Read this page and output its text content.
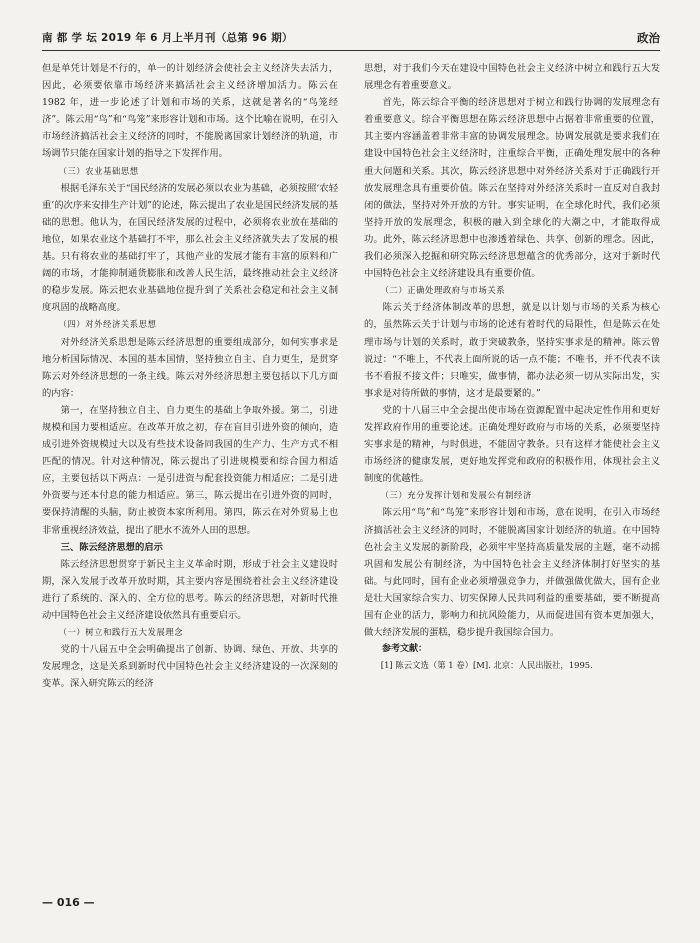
南 都 学 坛 2019 年 6 月上半月刊（总第 96 期）	政治

但是单凭计划是不行的，单一的计划经济会使社会主义经济失去活力，因此，必须要依靠市场经济来搞活社会主义经济增加活力。陈云在 1982 年，进一步论述了计划和市场的关系，这就是著名的“鸟笼经济”。陈云用“鸟”和“鸟笼”来形容计划和市场。这个比喻在说明，在引入市场经济搞活社会主义经济的同时，不能脱离国家计划经济的轨道，市场调节只能在国家计划的指导之下发挥作用。

（三）农业基础思想

根据毛泽东关于“国民经济的发展必须以农业为基础，必须按照‘农轻重’的次序来安排生产计划”的论述，陈云提出了农业是国民经济发展的基础的思想。他认为，在国民经济发展的过程中，必须将农业放在基础的地位，如果农业这个基础打不牢，那么社会主义经济就失去了发展的根基。只有将农业的基础打牢了，其他产业的发展才能有丰富的原料和广阔的市场，才能抑制通货膨胀和改善人民生活，最终推动社会主义经济的稳步发展。陈云把农业基础地位提升到了关系社会稳定和社会主义制度巩固的战略高度。

（四）对外经济关系思想

对外经济关系思想是陈云经济思想的重要组成部分，如何实事求是地分析国际情况、本国的基本国情，坚持独立自主、自力更生，是贯穿陈云对外经济思想的一条主线。陈云对外经济思想主要包括以下几方面的内容：

第一，在坚持独立自主、自力更生的基础上争取外援。第二，引进规模和国力要相适应。在改革开放之初，存在盲目引进外资的倾向，造成引进外资规模过大以及有些技术设备同我国的生产力、生产方式不相匹配的情况。针对这种情况，陈云提出了引进规模要和综合国力相适应，主要包括以下两点：一是引进资与配套投资能力相适应；二是引进外资要与还本付息的能力相适应。第三，陈云提出在引进外资的同时，要保持清醒的头脑，防止被资本家所利用。第四，陈云在对外贸易上也非常重视经济效益，提出了肥水不流外人田的思想。

三、陈云经济思想的启示

陈云经济思想贯穿于新民主主义革命时期，形成于社会主义建设时期，深入发展于改革开放时期，其主要内容是围绕着社会主义经济建设进行了系统的、深入的、全方位的思考。陈云的经济思想，对新时代推动中国特色社会主义经济建设依然具有重要启示。

（一）树立和践行五大发展理念

党的十八届五中全会明确提出了创新、协调、绿色、开放、共享的发展理念，这是关系到新时代中国特色社会主义经济建设的一次深刻的变革。深入研究陈云的经济

思想，对于我们今天在建设中国特色社会主义经济中树立和践行五大发展理念有着重要意义。

首先，陈云综合平衡的经济思想对于树立和践行协调的发展理念有着重要意义。综合平衡思想在陈云经济思想中占据着非常重要的位置，其主要内容涵盖着非常丰富的协调发展理念。协调发展就是要求我们在建设中国特色社会主义经济时，注重综合平衡，正确处理发展中的各种重大问题和关系。其次，陈云经济思想中对外经济关系对于正确践行开放发展理念具有重要价值。陈云在坚持对外经济关系时一直反对自我封闭的做法，坚持对外开放的方针。事实证明，在全球化时代，我们必须坚持开放的发展理念，积极的融入到全球化的大潮之中，才能取得成功。此外，陈云经济思想中也渗透着绿色、共享、创新的理念。因此，我们必须深入挖掘和研究陈云经济思想蕴含的优秀部分，这对于新时代中国特色社会主义经济建设具有重要价值。

（二）正确处理政府与市场关系

陈云关于经济体制改革的思想，就是以计划与市场的关系为核心的，虽然陈云关于计划与市场的论述有着时代的局限性，但是陈云在处理市场与计划的关系时，敢于突破教条，坚持实事求是的精神。陈云曾说过：“不唯上，不代表上面所说的话一点不能；不唯书，并不代表不读书不看报不接文件；只唯实，做事情，都办法必须一切从实际出发，实事求是对待所做的事情，这才是最要紧的。”

党的十八届三中全会提出使市场在资源配置中起决定性作用和更好发挥政府作用的重要论述。正确处理好政府与市场的关系，必须要坚持实事求是的精神，与时俱进，不能固守教条。只有这样才能使社会主义市场经济的健康发展，更好地发挥党和政府的积极作用，体现社会主义制度的优越性。

（三）充分发挥计划和发展公有制经济

陈云用“鸟”和“鸟笼”来形容计划和市场，意在说明，在引入市场经济搞活社会主义经济的同时，不能脱离国家计划经济的轨道。在中国特色社会主义发展的新阶段，必须牢牢坚持高质量发展的主题，毫不动摇巩固和发展公有制经济，为中国特色社会主义经济体制打好坚实的基础。与此同时，国有企业必须增强竞争力，并做强做优做大，国有企业是壮大国家综合实力、切实保障人民共同利益的重要基础，要不断提高国有企业的活力，影响力和抗风险能力，从而促进国有资本更加强大，做大经济发展的蛋糕，稳步提升我国综合国力。

参考文献：

[1] 陈云文选（第 1 卷）[M]. 北京：人民出版社，1995.

— 016 —
